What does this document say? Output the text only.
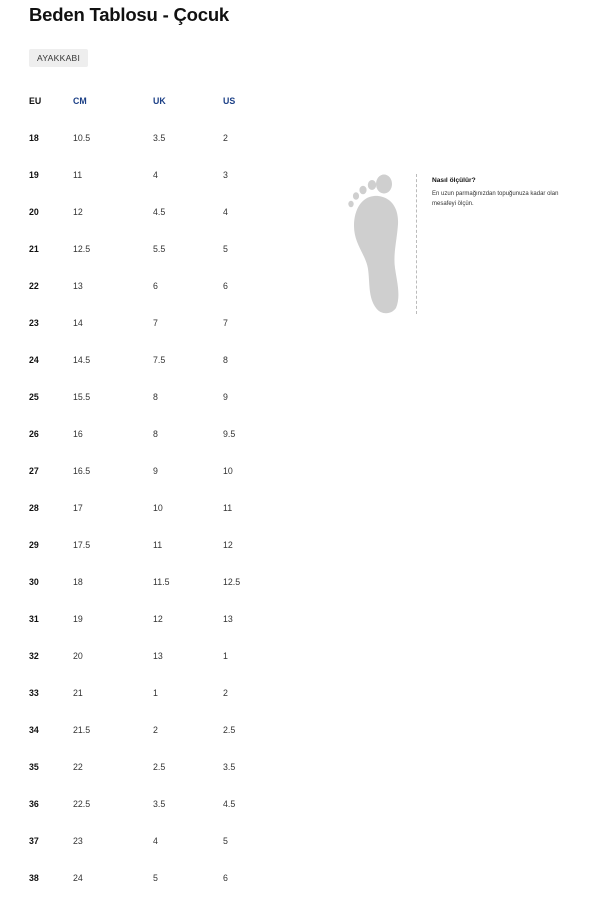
Beden Tablosu - Çocuk
AYAKKABI
EU	CM	UK	US
18	10.5	3.5	2
19	11	4	3
20	12	4.5	4
21	12.5	5.5	5
22	13	6	6
23	14	7	7
24	14.5	7.5	8
25	15.5	8	9
26	16	8	9.5
27	16.5	9	10
28	17	10	11
29	17.5	11	12
30	18	11.5	12.5
31	19	12	13
32	20	13	1
33	21	1	2
34	21.5	2	2.5
35	22	2.5	3.5
36	22.5	3.5	4.5
37	23	4	5
38	24	5	6
Nasıl ölçülür?
En uzun parmağınızdan topuğunuza kadar olan mesafeyi ölçün.
